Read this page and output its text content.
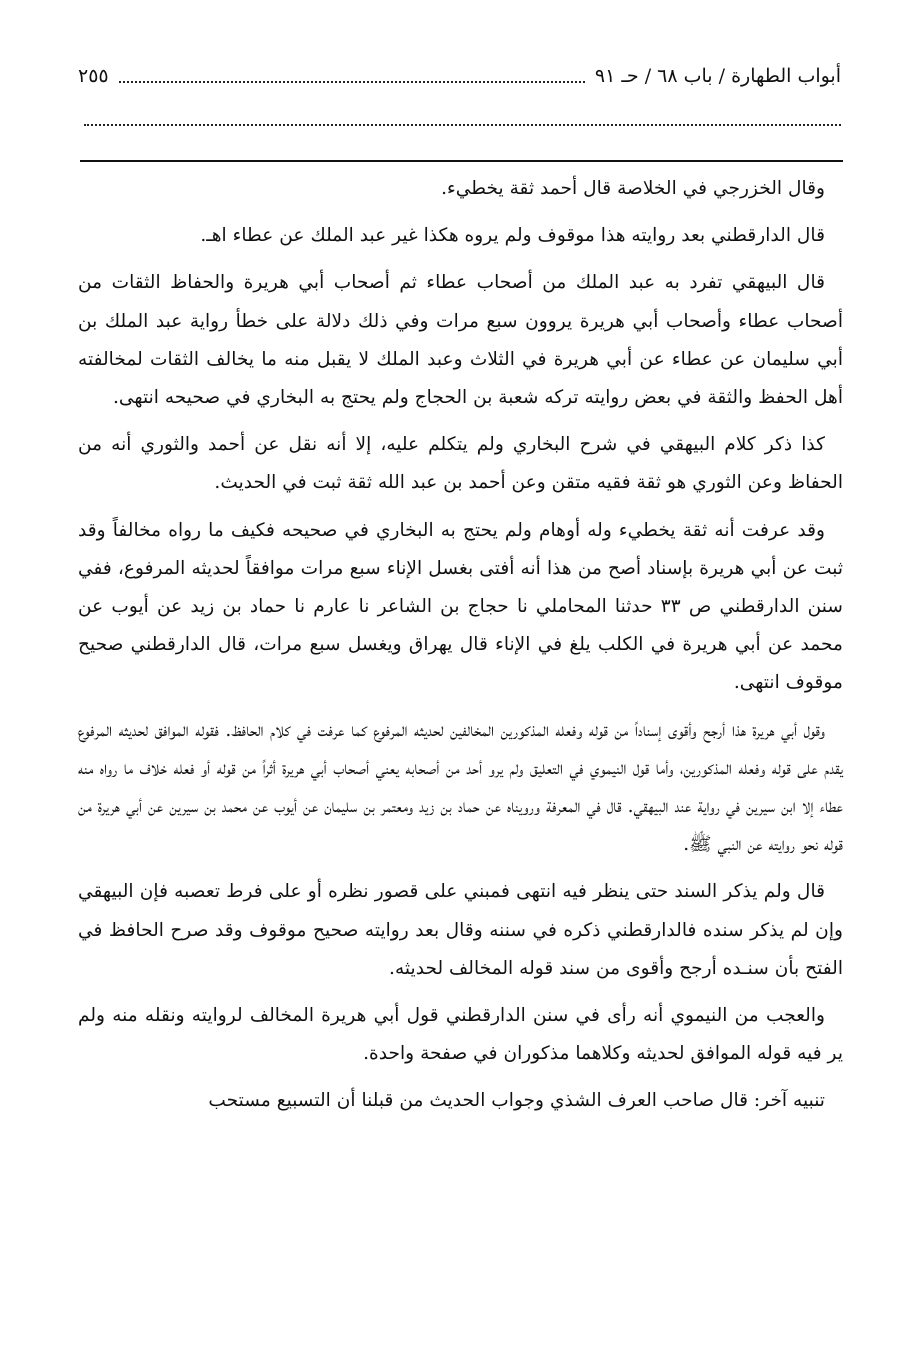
أبواب الطهارة / باب ٦٨ / حـ ٩١
٢٥٥

وقال الخزرجي في الخلاصة قال أحمد ثقة يخطيء.

قال الدارقطني بعد روايته هذا موقوف ولم يروه هكذا غير عبد الملك عن عطاء اهـ.

قال البيهقي تفرد به عبد الملك من أصحاب عطاء ثم أصحاب أبي هريرة والحفاظ الثقات من أصحاب عطاء وأصحاب أبي هريرة يروون سبع مرات وفي ذلك دلالة على خطأ رواية عبد الملك بن أبي سليمان عن عطاء عن أبي هريرة في الثلاث وعبد الملك لا يقبل منه ما يخالف الثقات لمخالفته أهل الحفظ والثقة في بعض روايته تركه شعبة بن الحجاج ولم يحتج به البخاري في صحيحه انتهى.

كذا ذكر كلام البيهقي في شرح البخاري ولم يتكلم عليه، إلا أنه نقل عن أحمد والثوري أنه من الحفاظ وعن الثوري هو ثقة فقيه متقن وعن أحمد بن عبد الله ثقة ثبت في الحديث.

وقد عرفت أنه ثقة يخطيء وله أوهام ولم يحتج به البخاري في صحيحه فكيف ما رواه مخالفاً وقد ثبت عن أبي هريرة بإسناد أصح من هذا أنه أفتى بغسل الإناء سبع مرات موافقاً لحديثه المرفوع، ففي سنن الدارقطني ص ٣٣ حدثنا المحاملي نا حجاج بن الشاعر نا عارم نا حماد بن زيد عن أيوب عن محمد عن أبي هريرة في الكلب يلغ في الإناء قال يهراق ويغسل سبع مرات، قال الدارقطني صحيح موقوف انتهى.

وقول أبي هريرة هذا أرجح وأقوى إسناداً من قوله وفعله المذكورين المخالفين لحديثه المرفوع كما عرفت في كلام الحافظ. فقوله الموافق لحديثه المرفوع يقدم على قوله وفعله المذكورين، وأما قول النيموي في التعليق ولم يرو أحد من أصحابه يعني أصحاب أبي هريرة أثراً من قوله أو فعله خلاف ما رواه منه عطاء إلا ابن سيرين في رواية عند البيهقي. قال في المعرفة ورويناه عن حماد بن زيد ومعتمر بن سليمان عن أيوب عن محمد بن سيرين عن أبي هريرة من قوله نحو روايته عن النبي ﷺ.

قال ولم يذكر السند حتى ينظر فيه انتهى فمبني على قصور نظره أو على فرط تعصبه فإن البيهقي وإن لم يذكر سنده فالدارقطني ذكره في سننه وقال بعد روايته صحيح موقوف وقد صرح الحافظ في الفتح بأن سنـده أرجح وأقوى من سند قوله المخالف لحديثه.

والعجب من النيموي أنه رأى في سنن الدارقطني قول أبي هريرة المخالف لروايته ونقله منه ولم ير فيه قوله الموافق لحديثه وكلاهما مذكوران في صفحة واحدة.

تنبيه آخر: قال صاحب العرف الشذي وجواب الحديث من قبلنا أن التسبيع مستحب
